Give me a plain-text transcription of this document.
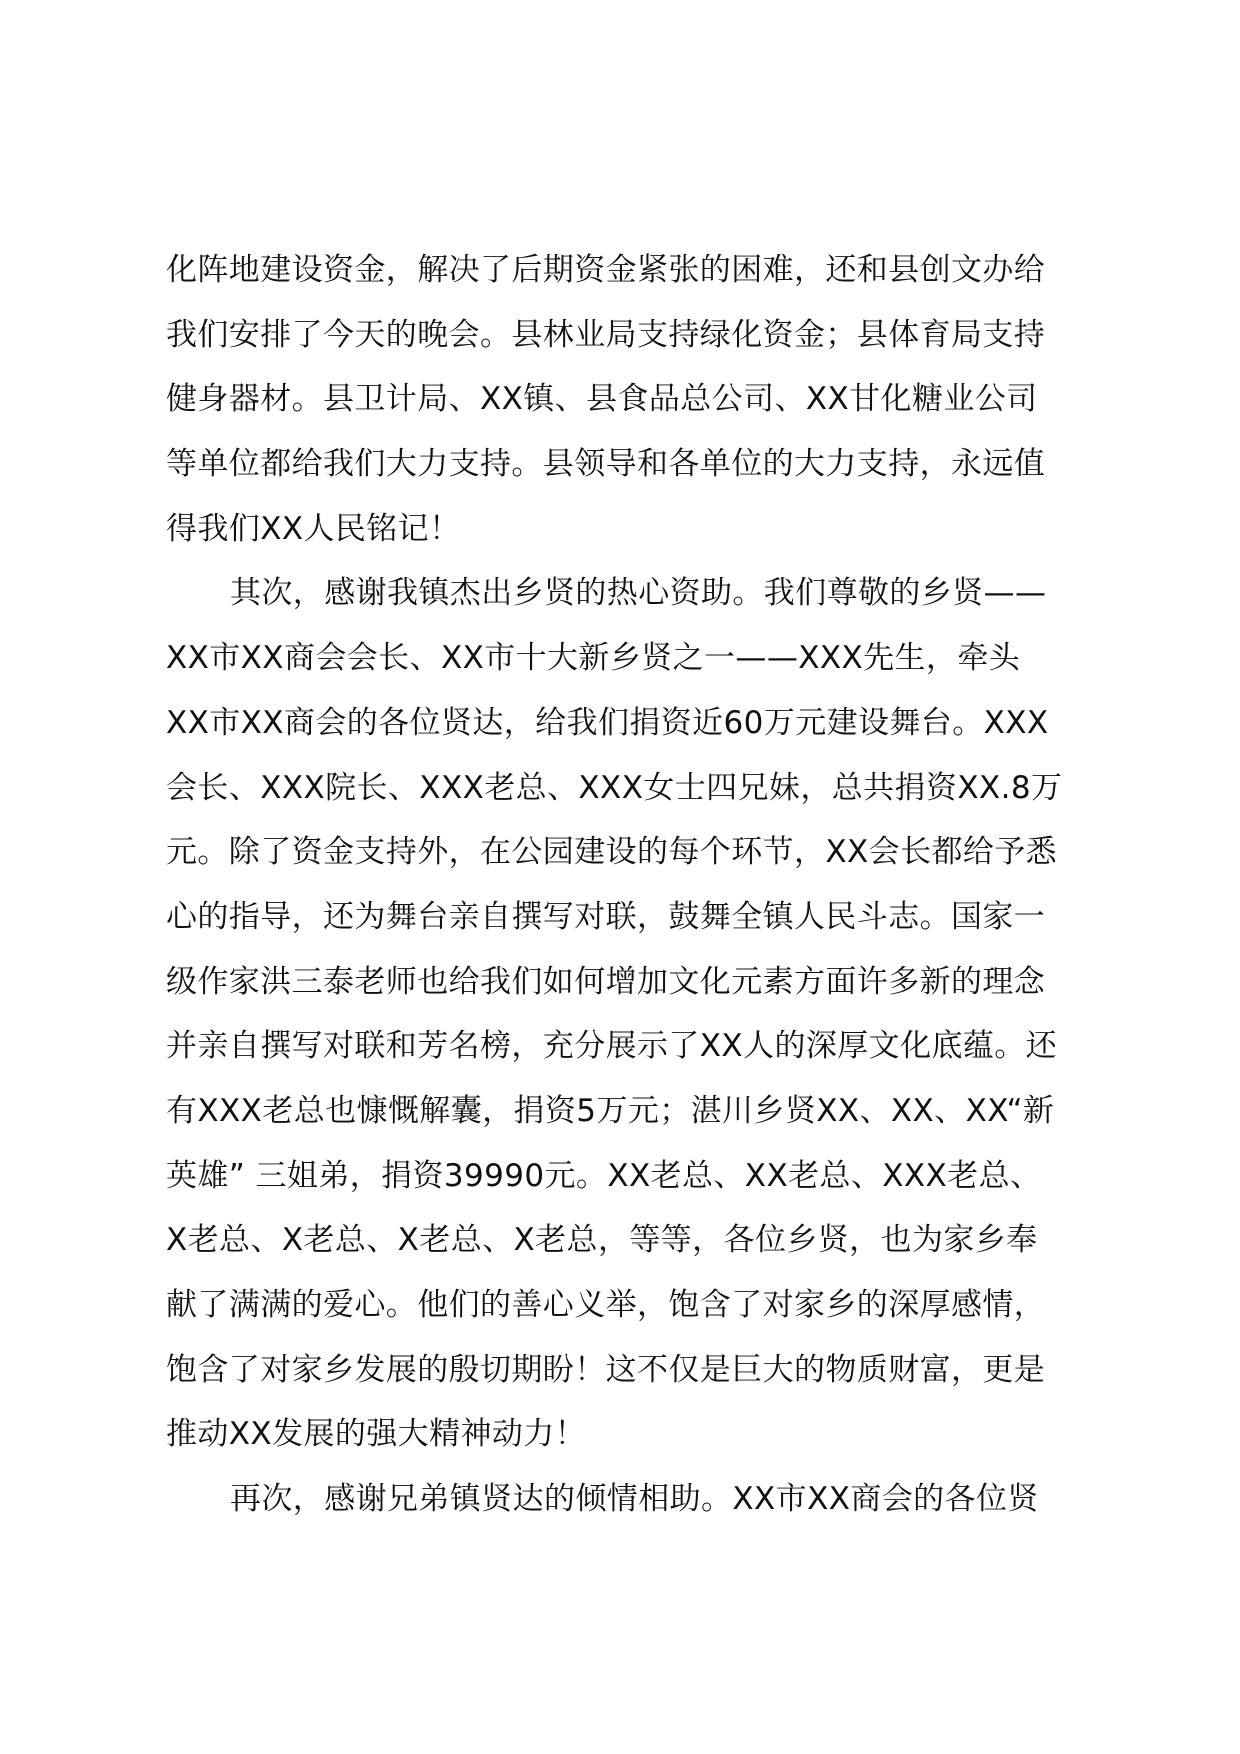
化阵地建设资金，解决了后期资金紧张的困难，还和县创文办给
我们安排了今天的晚会。县林业局支持绿化资金；县体育局支持
健身器材。县卫计局、XX镇、县食品总公司、XX甘化糖业公司
等单位都给我们大力支持。县领导和各单位的大力支持，永远值
得我们XX人民铭记！
其次，感谢我镇杰出乡贤的热心资助。我们尊敬的乡贤——
XX市XX商会会长、XX市十大新乡贤之一——XXX先生，牵头
XX市XX商会的各位贤达，给我们捐资近60万元建设舞台。XXX
会长、XXX院长、XXX老总、XXX女士四兄妹，总共捐资XX.8万
元。除了资金支持外，在公园建设的每个环节，XX会长都给予悉
心的指导，还为舞台亲自撰写对联，鼓舞全镇人民斗志。国家一
级作家洪三泰老师也给我们如何增加文化元素方面许多新的理念
并亲自撰写对联和芳名榜，充分展示了XX人的深厚文化底蕴。还
有XXX老总也慷慨解囊，捐资5万元；湛川乡贤XX、XX、XX“新
英雄” 三姐弟，捐资39990元。XX老总、XX老总、XXX老总、
X老总、X老总、X老总、X老总，等等，各位乡贤，也为家乡奉
献了满满的爱心。他们的善心义举，饱含了对家乡的深厚感情，
饱含了对家乡发展的殷切期盼！这不仅是巨大的物质财富，更是
推动XX发展的强大精神动力！
再次，感谢兄弟镇贤达的倾情相助。XX市XX商会的各位贤
